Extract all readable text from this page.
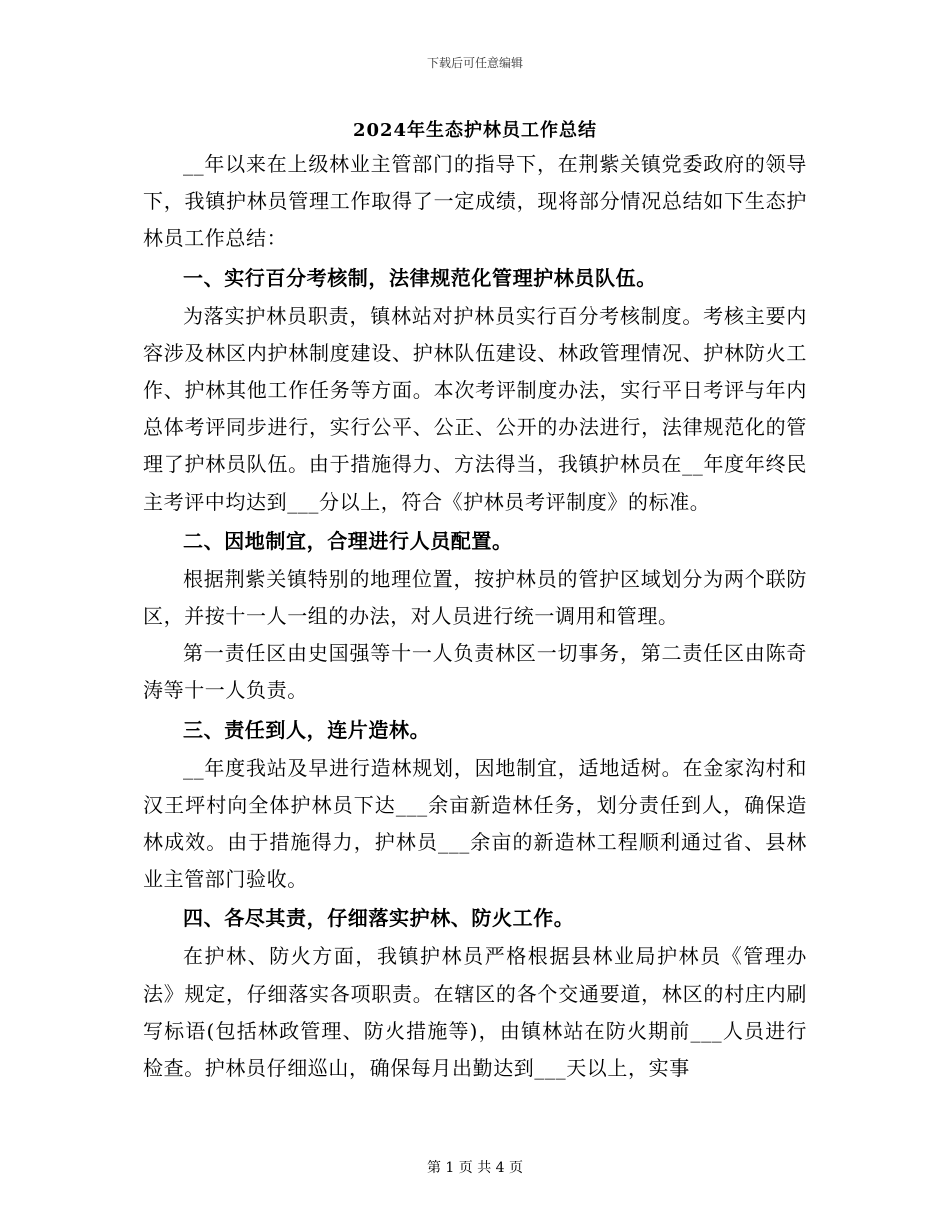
下载后可任意编辑
2024年生态护林员工作总结

__年以来在上级林业主管部门的指导下，在荆紫关镇党委政府的领导下，我镇护林员管理工作取得了一定成绩，现将部分情况总结如下生态护林员工作总结：

一、实行百分考核制，法律规范化管理护林员队伍。

为落实护林员职责，镇林站对护林员实行百分考核制度。考核主要内容涉及林区内护林制度建设、护林队伍建设、林政管理情况、护林防火工作、护林其他工作任务等方面。本次考评制度办法，实行平日考评与年内总体考评同步进行，实行公平、公正、公开的办法进行，法律规范化的管理了护林员队伍。由于措施得力、方法得当，我镇护林员在__年度年终民主考评中均达到___分以上，符合《护林员考评制度》的标准。

二、因地制宜，合理进行人员配置。

根据荆紫关镇特别的地理位置，按护林员的管护区域划分为两个联防区，并按十一人一组的办法，对人员进行统一调用和管理。

第一责任区由史国强等十一人负责林区一切事务，第二责任区由陈奇涛等十一人负责。

三、责任到人，连片造林。

__年度我站及早进行造林规划，因地制宜，适地适树。在金家沟村和汉王坪村向全体护林员下达___余亩新造林任务，划分责任到人，确保造林成效。由于措施得力，护林员___余亩的新造林工程顺利通过省、县林业主管部门验收。

四、各尽其责，仔细落实护林、防火工作。

在护林、防火方面，我镇护林员严格根据县林业局护林员《管理办法》规定，仔细落实各项职责。在辖区的各个交通要道，林区的村庄内刷写标语(包括林政管理、防火措施等)，由镇林站在防火期前___人员进行检查。护林员仔细巡山，确保每月出勤达到___天以上，实事

第 1 页 共 4 页
